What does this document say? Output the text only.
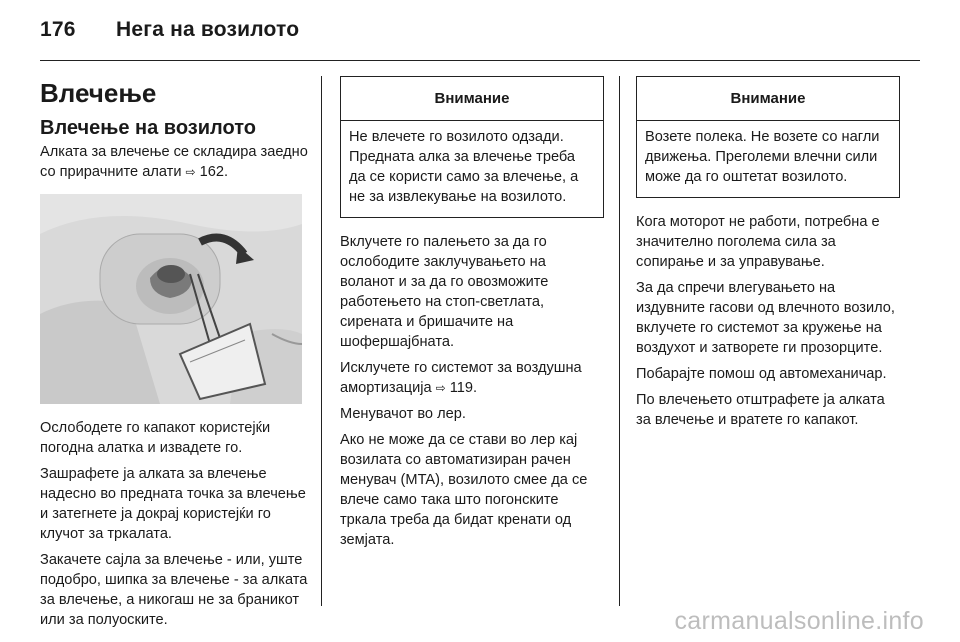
176 Нега на возилото
Влечење
Влечење на возилото

Алката за влечење се складира заедно со прирачните алати ⇨ 162.

Ослободете го капакот користејќи погодна алатка и извадете го.

Зашрафете ја алката за влечење надесно во предната точка за влечење и затегнете ја докрај користејќи го клучот за тркалата.

Закачете сајла за влечење - или, уште подобро, шипка за влечење - за алката за влечење, а никогаш не за браникот или за полуоските.

Внимание
Не влечете го возилото одзади. Предната алка за влечење треба да се користи само за влечење, а не за извлекување на возилото.

Вклучете го палењето за да го ослободите заклучувањето на воланот и за да го овозможите работењето на стоп-светлата, сирената и бришачите на шофершајбната.

Исклучете го системот за воздушна амортизација ⇨ 119.

Менувачот во лер.

Ако не може да се стави во лер кај возилата со автоматизиран рачен менувач (MTA), возилото смее да се влече само така што погонските тркала треба да бидат кренати од земјата.

Внимание
Возете полека. Не возете со нагли движења. Преголеми влечни сили може да го оштетат возилото.

Кога моторот не работи, потребна е значително поголема сила за сопирање и за управување.

За да спречи влегувањето на издувните гасови од влечното возило, вклучете го системот за кружење на воздухот и затворете ги прозорците.

Побарајте помош од автомеханичар.

По влечењето отштрафете ја алката за влечење и вратете го капакот.

carmanualsonline.info
